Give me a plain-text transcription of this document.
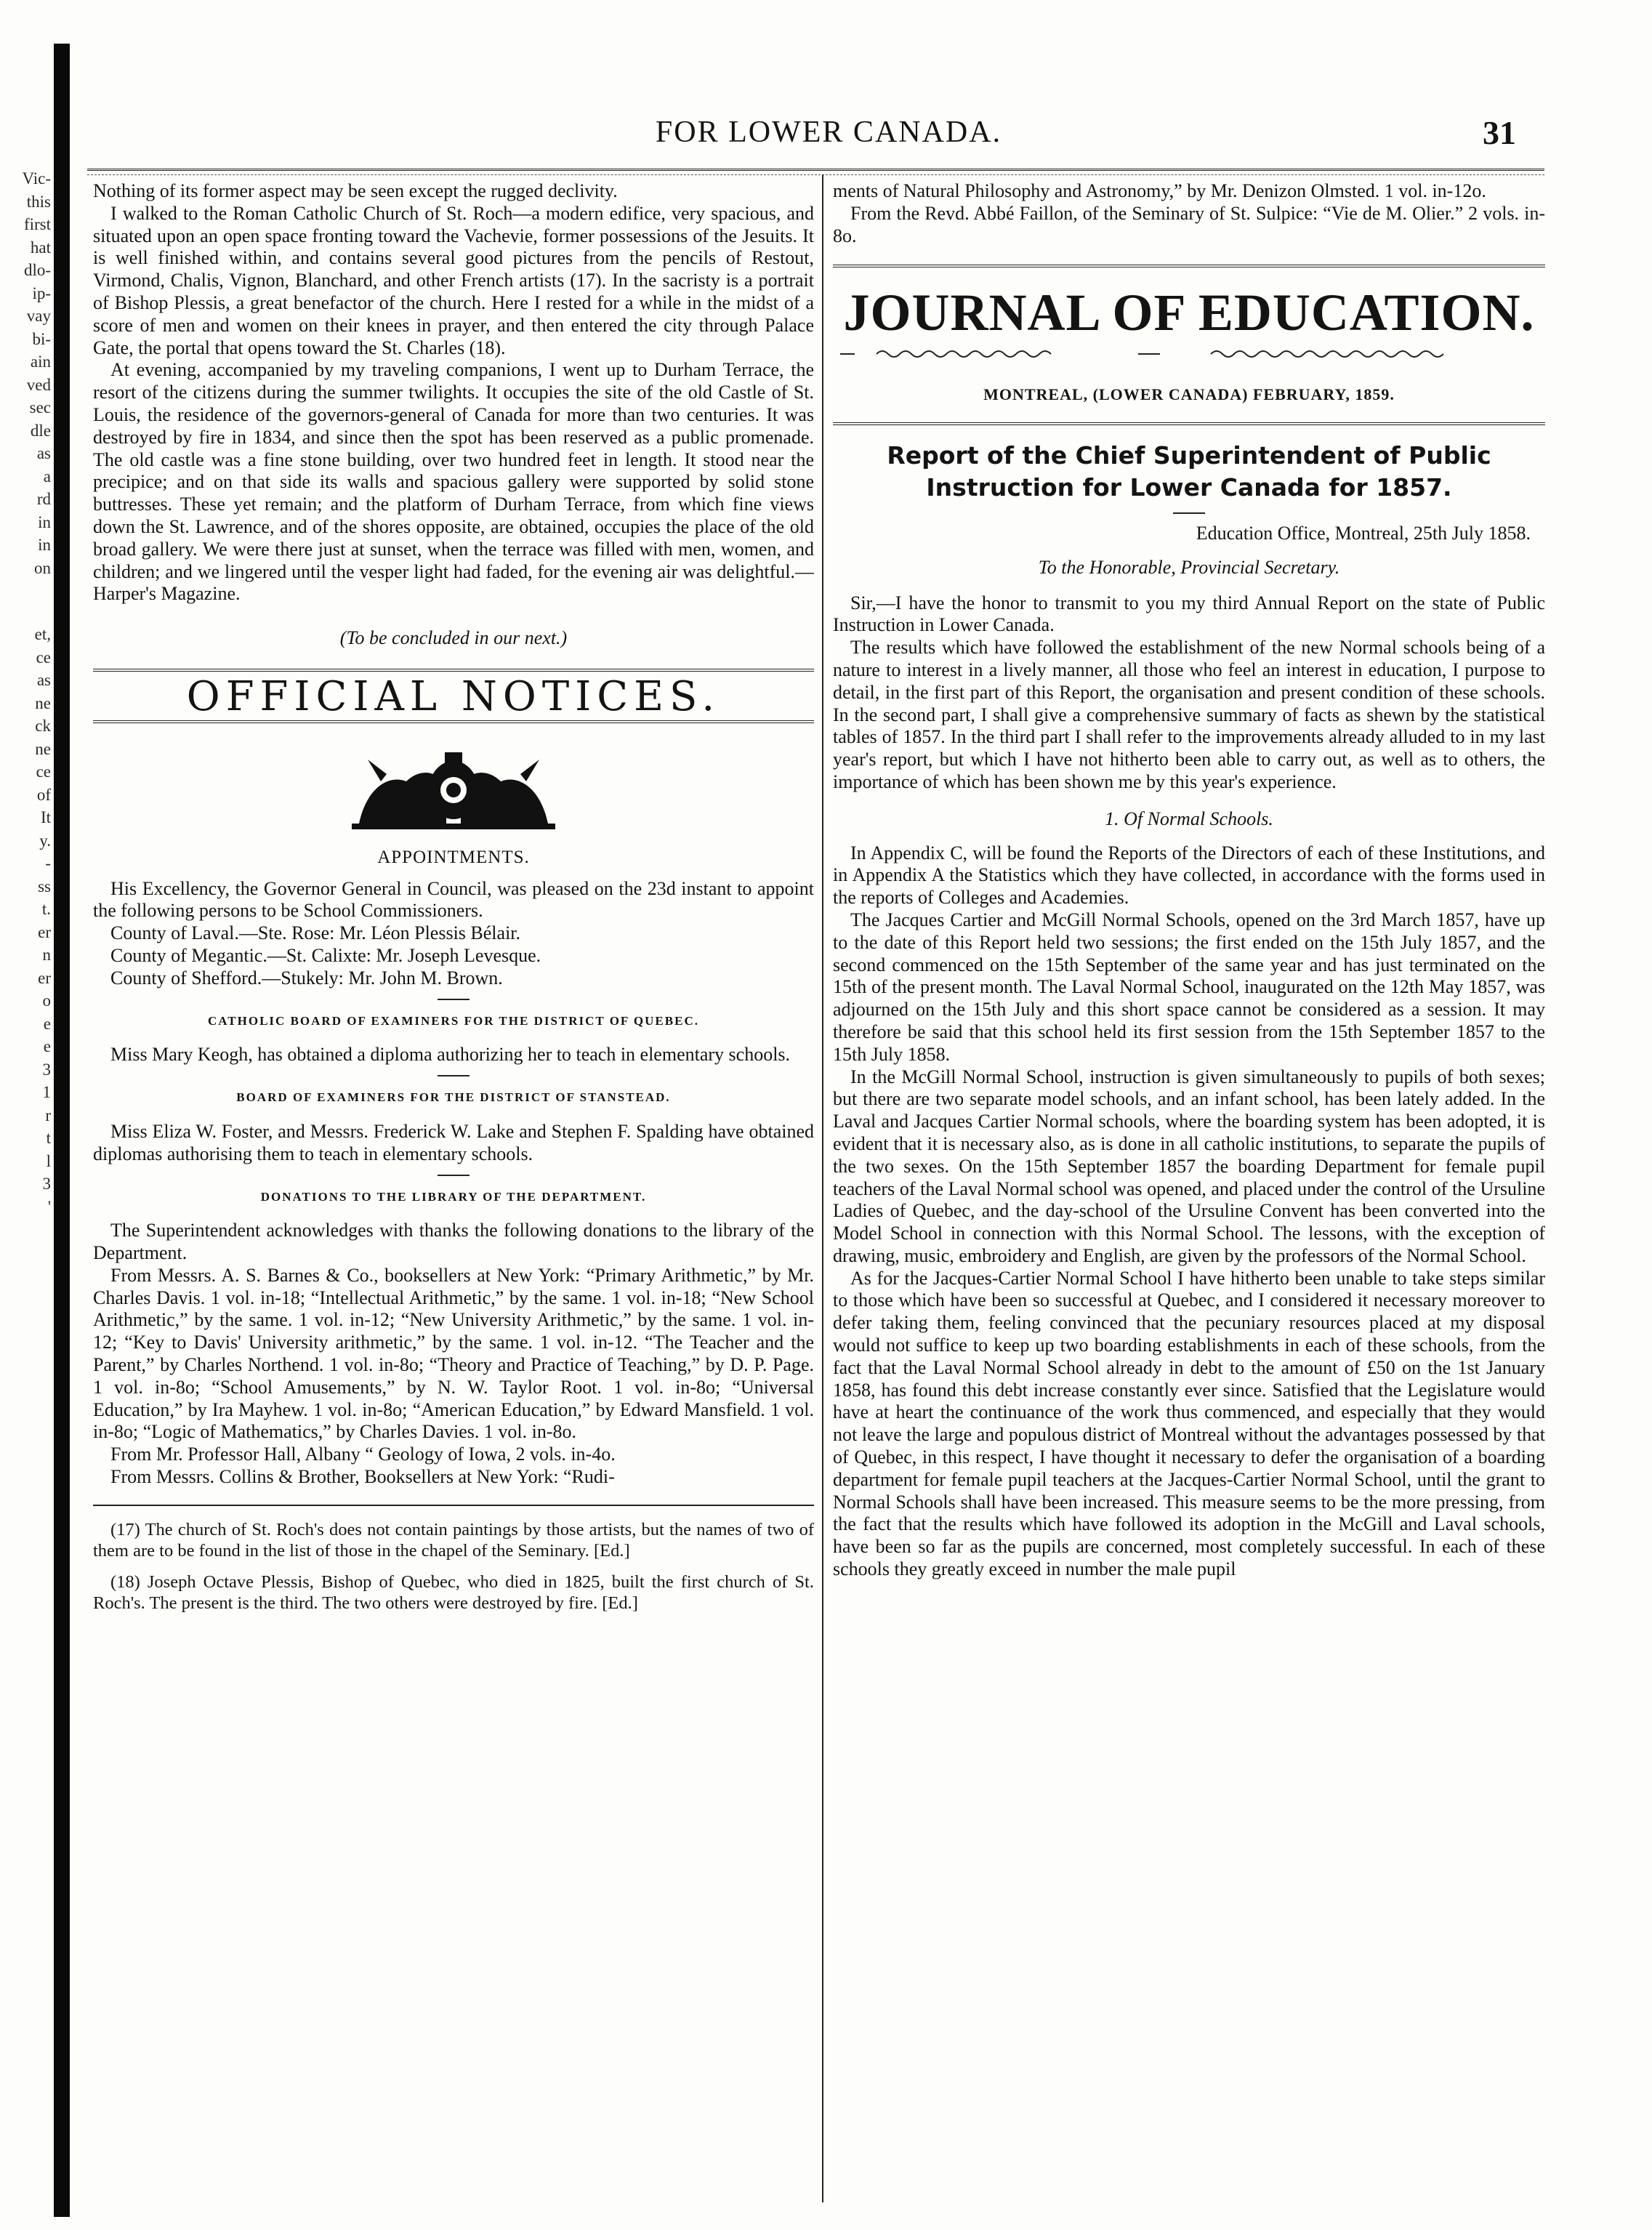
Vic-
this
first
hat
dlo-
ip-
vay
bi-
ain
ved
sec
dle
as
a
rd
in
in
on
et,
ce
as
ne
ck
ne
ce
of
It
y.
-
ss
t.
er
n
er
o
e
e
3
1
r
t
l
3
'
FOR LOWER CANADA.	31

Nothing of its former aspect may be seen except the rugged declivity.

I walked to the Roman Catholic Church of St. Roch—a modern edifice, very spacious, and situated upon an open space fronting toward the Vachevie, former possessions of the Jesuits. It is well finished within, and contains several good pictures from the pencils of Restout, Virmond, Chalis, Vignon, Blanchard, and other French artists (17). In the sacristy is a portrait of Bishop Plessis, a great benefactor of the church. Here I rested for a while in the midst of a score of men and women on their knees in prayer, and then entered the city through Palace Gate, the portal that opens toward the St. Charles (18).

At evening, accompanied by my traveling companions, I went up to Durham Terrace, the resort of the citizens during the summer twilights. It occupies the site of the old Castle of St. Louis, the residence of the governors-general of Canada for more than two centuries. It was destroyed by fire in 1834, and since then the spot has been reserved as a public promenade. The old castle was a fine stone building, over two hundred feet in length. It stood near the precipice; and on that side its walls and spacious gallery were supported by solid stone buttresses. These yet remain; and the platform of Durham Terrace, from which fine views down the St. Lawrence, and of the shores opposite, are obtained, occupies the place of the old broad gallery. We were there just at sunset, when the terrace was filled with men, women, and children; and we lingered until the vesper light had faded, for the evening air was delightful.—Harper's Magazine.

(To be concluded in our next.)

OFFICIAL NOTICES.

APPOINTMENTS.

His Excellency, the Governor General in Council, was pleased on the 23d instant to appoint the following persons to be School Commissioners.

County of Laval.—Ste. Rose: Mr. Léon Plessis Bélair.

County of Megantic.—St. Calixte: Mr. Joseph Levesque.

County of Shefford.—Stukely: Mr. John M. Brown.

CATHOLIC BOARD OF EXAMINERS FOR THE DISTRICT OF QUEBEC.

Miss Mary Keogh, has obtained a diploma authorizing her to teach in elementary schools.

BOARD OF EXAMINERS FOR THE DISTRICT OF STANSTEAD.

Miss Eliza W. Foster, and Messrs. Frederick W. Lake and Stephen F. Spalding have obtained diplomas authorising them to teach in elementary schools.

DONATIONS TO THE LIBRARY OF THE DEPARTMENT.

The Superintendent acknowledges with thanks the following donations to the library of the Department.

From Messrs. A. S. Barnes & Co., booksellers at New York: “Primary Arithmetic,” by Mr. Charles Davis. 1 vol. in-18; “Intellectual Arithmetic,” by the same. 1 vol. in-18; “New School Arithmetic,” by the same. 1 vol. in-12; “New University Arithmetic,” by the same. 1 vol. in-12; “Key to Davis' University arithmetic,” by the same. 1 vol. in-12. “The Teacher and the Parent,” by Charles Northend. 1 vol. in-8o; “Theory and Practice of Teaching,” by D. P. Page. 1 vol. in-8o; “School Amusements,” by N. W. Taylor Root. 1 vol. in-8o; “Universal Education,” by Ira Mayhew. 1 vol. in-8o; “American Education,” by Edward Mansfield. 1 vol. in-8o; “Logic of Mathematics,” by Charles Davies. 1 vol. in-8o.

From Mr. Professor Hall, Albany “ Geology of Iowa, 2 vols. in-4o.

From Messrs. Collins & Brother, Booksellers at New York: “Rudi-

(17) The church of St. Roch's does not contain paintings by those artists, but the names of two of them are to be found in the list of those in the chapel of the Seminary. [Ed.]

(18) Joseph Octave Plessis, Bishop of Quebec, who died in 1825, built the first church of St. Roch's. The present is the third. The two others were destroyed by fire. [Ed.]

ments of Natural Philosophy and Astronomy,” by Mr. Denizon Olmsted. 1 vol. in-12o.

From the Revd. Abbé Faillon, of the Seminary of St. Sulpice: “Vie de M. Olier.” 2 vols. in-8o.

JOURNAL OF EDUCATION.

MONTREAL, (LOWER CANADA) FEBRUARY, 1859.

Report of the Chief Superintendent of Public Instruction for Lower Canada for 1857.

Education Office, Montreal, 25th July 1858.

To the Honorable, Provincial Secretary.

Sir,—I have the honor to transmit to you my third Annual Report on the state of Public Instruction in Lower Canada.

The results which have followed the establishment of the new Normal schools being of a nature to interest in a lively manner, all those who feel an interest in education, I purpose to detail, in the first part of this Report, the organisation and present condition of these schools. In the second part, I shall give a comprehensive summary of facts as shewn by the statistical tables of 1857. In the third part I shall refer to the improvements already alluded to in my last year's report, but which I have not hitherto been able to carry out, as well as to others, the importance of which has been shown me by this year's experience.

1. Of Normal Schools.

In Appendix C, will be found the Reports of the Directors of each of these Institutions, and in Appendix A the Statistics which they have collected, in accordance with the forms used in the reports of Colleges and Academies.

The Jacques Cartier and McGill Normal Schools, opened on the 3rd March 1857, have up to the date of this Report held two sessions; the first ended on the 15th July 1857, and the second commenced on the 15th September of the same year and has just terminated on the 15th of the present month. The Laval Normal School, inaugurated on the 12th May 1857, was adjourned on the 15th July and this short space cannot be considered as a session. It may therefore be said that this school held its first session from the 15th September 1857 to the 15th July 1858.

In the McGill Normal School, instruction is given simultaneously to pupils of both sexes; but there are two separate model schools, and an infant school, has been lately added. In the Laval and Jacques Cartier Normal schools, where the boarding system has been adopted, it is evident that it is necessary also, as is done in all catholic institutions, to separate the pupils of the two sexes. On the 15th September 1857 the boarding Department for female pupil teachers of the Laval Normal school was opened, and placed under the control of the Ursuline Ladies of Quebec, and the day-school of the Ursuline Convent has been converted into the Model School in connection with this Normal School. The lessons, with the exception of drawing, music, embroidery and English, are given by the professors of the Normal School.

As for the Jacques-Cartier Normal School I have hitherto been unable to take steps similar to those which have been so successful at Quebec, and I considered it necessary moreover to defer taking them, feeling convinced that the pecuniary resources placed at my disposal would not suffice to keep up two boarding establishments in each of these schools, from the fact that the Laval Normal School already in debt to the amount of £50 on the 1st January 1858, has found this debt increase constantly ever since. Satisfied that the Legislature would have at heart the continuance of the work thus commenced, and especially that they would not leave the large and populous district of Montreal without the advantages possessed by that of Quebec, in this respect, I have thought it necessary to defer the organisation of a boarding department for female pupil teachers at the Jacques-Cartier Normal School, until the grant to Normal Schools shall have been increased. This measure seems to be the more pressing, from the fact that the results which have followed its adoption in the McGill and Laval schools, have been so far as the pupils are concerned, most completely successful. In each of these schools they greatly exceed in number the male pupil
